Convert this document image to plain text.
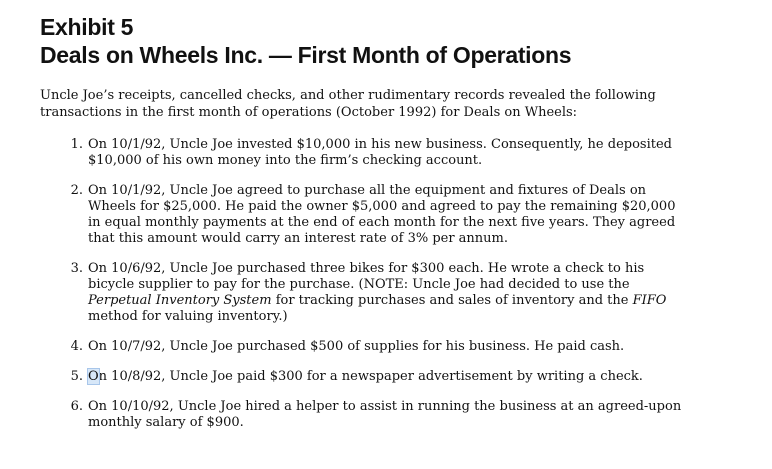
Exhibit 5
Deals on Wheels Inc. — First Month of Operations

Uncle Joe’s receipts, cancelled checks, and other rudimentary records revealed the following transactions in the first month of operations (October 1992) for Deals on Wheels:

1. On 10/1/92, Uncle Joe invested $10,000 in his new business. Consequently, he deposited $10,000 of his own money into the firm’s checking account.
2. On 10/1/92, Uncle Joe agreed to purchase all the equipment and fixtures of Deals on Wheels for $25,000. He paid the owner $5,000 and agreed to pay the remaining $20,000 in equal monthly payments at the end of each month for the next five years. They agreed that this amount would carry an interest rate of 3% per annum.
3. On 10/6/92, Uncle Joe purchased three bikes for $300 each. He wrote a check to his bicycle supplier to pay for the purchase. (NOTE: Uncle Joe had decided to use the Perpetual Inventory System for tracking purchases and sales of inventory and the FIFO method for valuing inventory.)
4. On 10/7/92, Uncle Joe purchased $500 of supplies for his business. He paid cash.
5. On 10/8/92, Uncle Joe paid $300 for a newspaper advertisement by writing a check.
6. On 10/10/92, Uncle Joe hired a helper to assist in running the business at an agreed-upon monthly salary of $900.
